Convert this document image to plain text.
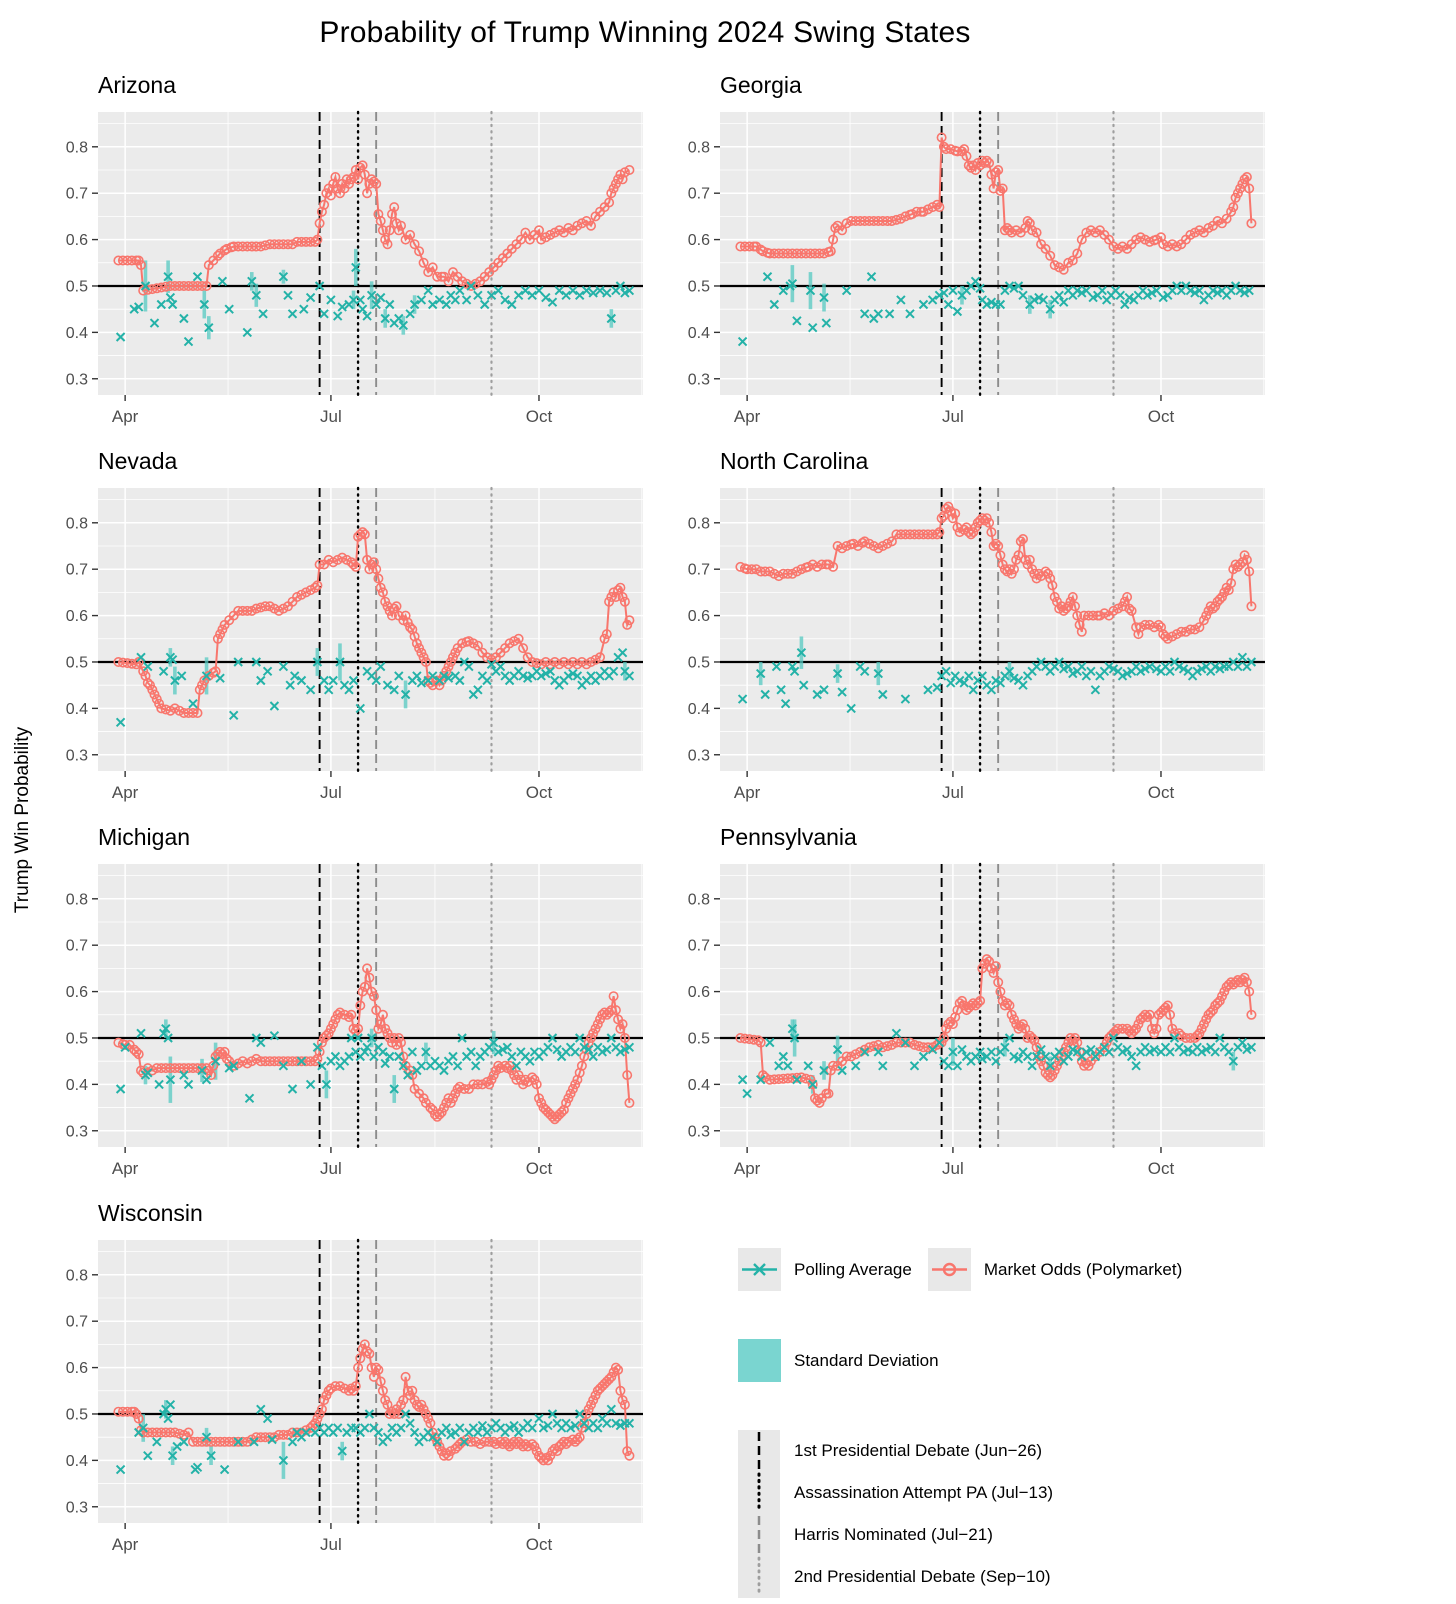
Probability of Trump Winning 2024 Swing States
Trump Win Probability
Arizona
0.3
0.4
0.5
0.6
0.7
0.8
Apr	Jul	Oct
Georgia
0.3
0.4
0.5
0.6
0.7
0.8
Apr	Jul	Oct
Nevada
0.3
0.4
0.5
0.6
0.7
0.8
Apr	Jul	Oct
North Carolina
0.3
0.4
0.5
0.6
0.7
0.8
Apr	Jul	Oct
Michigan
0.3
0.4
0.5
0.6
0.7
0.8
Apr	Jul	Oct
Pennsylvania
0.3
0.4
0.5
0.6
0.7
0.8
Apr	Jul	Oct
Wisconsin
0.3
0.4
0.5
0.6
0.7
0.8
Apr	Jul	Oct
Polling Average	Market Odds (Polymarket)
Standard Deviation
1st Presidential Debate (Jun−26)
Assassination Attempt PA (Jul−13)
Harris Nominated (Jul−21)
2nd Presidential Debate (Sep−10)
